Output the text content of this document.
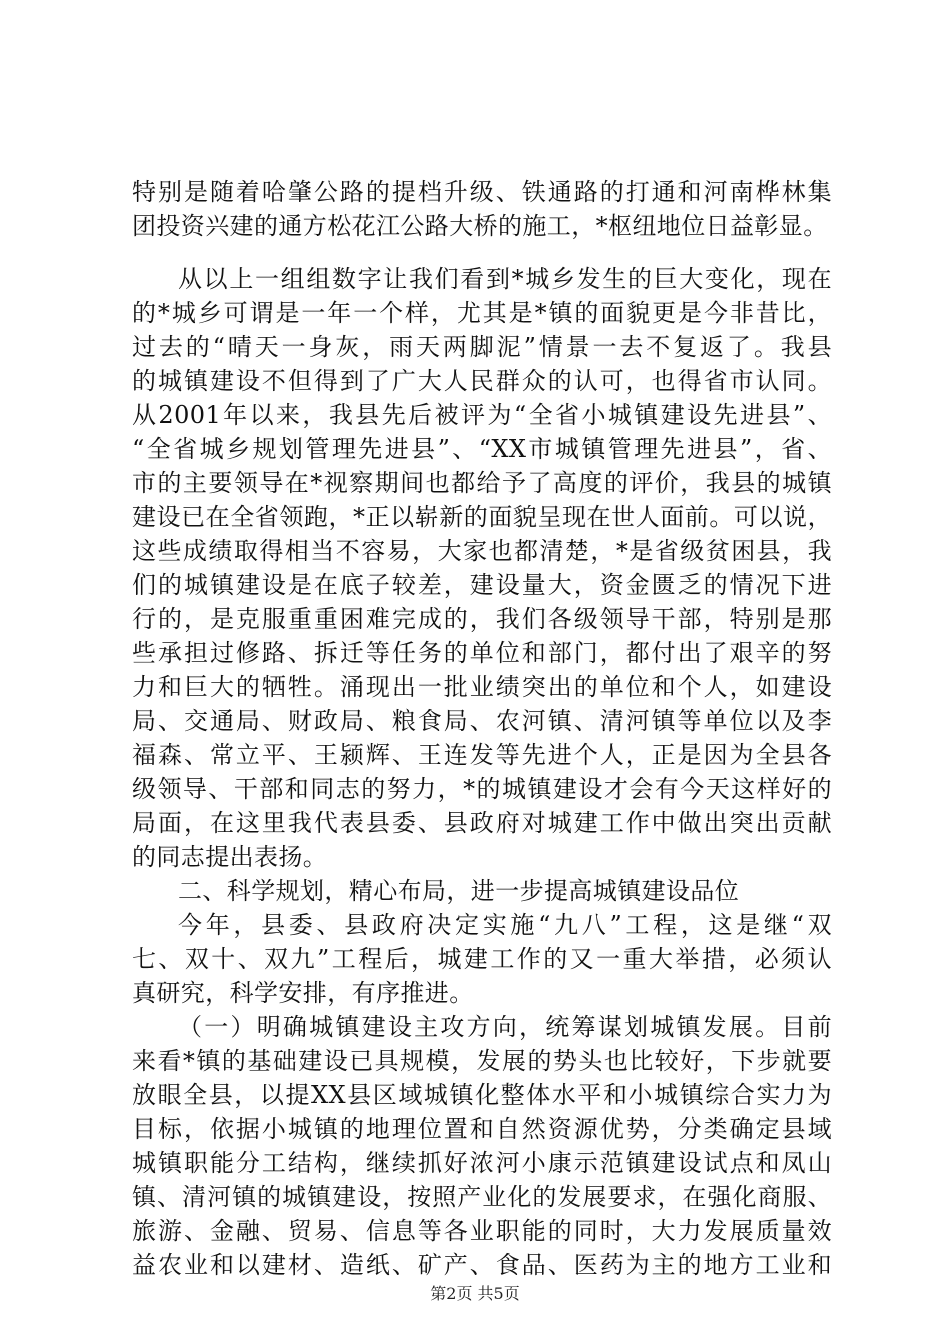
特别是随着哈肇公路的提档升级、铁通路的打通和河南桦林集
团投资兴建的通方松花江公路大桥的施工，*枢纽地位日益彰显。
从以上一组组数字让我们看到*城乡发生的巨大变化，现在
的*城乡可谓是一年一个样，尤其是*镇的面貌更是今非昔比，
过去的“晴天一身灰，雨天两脚泥”情景一去不复返了。我县
的城镇建设不但得到了广大人民群众的认可，也得省市认同。
从2001年以来，我县先后被评为“全省小城镇建设先进县”、
“全省城乡规划管理先进县”、“XX市城镇管理先进县”，省、
市的主要领导在*视察期间也都给予了高度的评价，我县的城镇
建设已在全省领跑，*正以崭新的面貌呈现在世人面前。可以说，
这些成绩取得相当不容易，大家也都清楚，*是省级贫困县，我
们的城镇建设是在底子较差，建设量大，资金匮乏的情况下进
行的，是克服重重困难完成的，我们各级领导干部，特别是那
些承担过修路、拆迁等任务的单位和部门，都付出了艰辛的努
力和巨大的牺牲。涌现出一批业绩突出的单位和个人，如建设
局、交通局、财政局、粮食局、农河镇、清河镇等单位以及李
福森、常立平、王颍辉、王连发等先进个人，正是因为全县各
级领导、干部和同志的努力，*的城镇建设才会有今天这样好的
局面，在这里我代表县委、县政府对城建工作中做出突出贡献
的同志提出表扬。
二、科学规划，精心布局，进一步提高城镇建设品位
今年，县委、县政府决定实施“九八”工程，这是继“双
七、双十、双九”工程后，城建工作的又一重大举措，必须认
真研究，科学安排，有序推进。
（一）明确城镇建设主攻方向，统筹谋划城镇发展。目前
来看*镇的基础建设已具规模，发展的势头也比较好，下步就要
放眼全县，以提XX县区域城镇化整体水平和小城镇综合实力为
目标，依据小城镇的地理位置和自然资源优势，分类确定县域
城镇职能分工结构，继续抓好浓河小康示范镇建设试点和凤山
镇、清河镇的城镇建设，按照产业化的发展要求，在强化商服、
旅游、金融、贸易、信息等各业职能的同时，大力发展质量效
益农业和以建材、造纸、矿产、食品、医药为主的地方工业和
第2页 共5页
